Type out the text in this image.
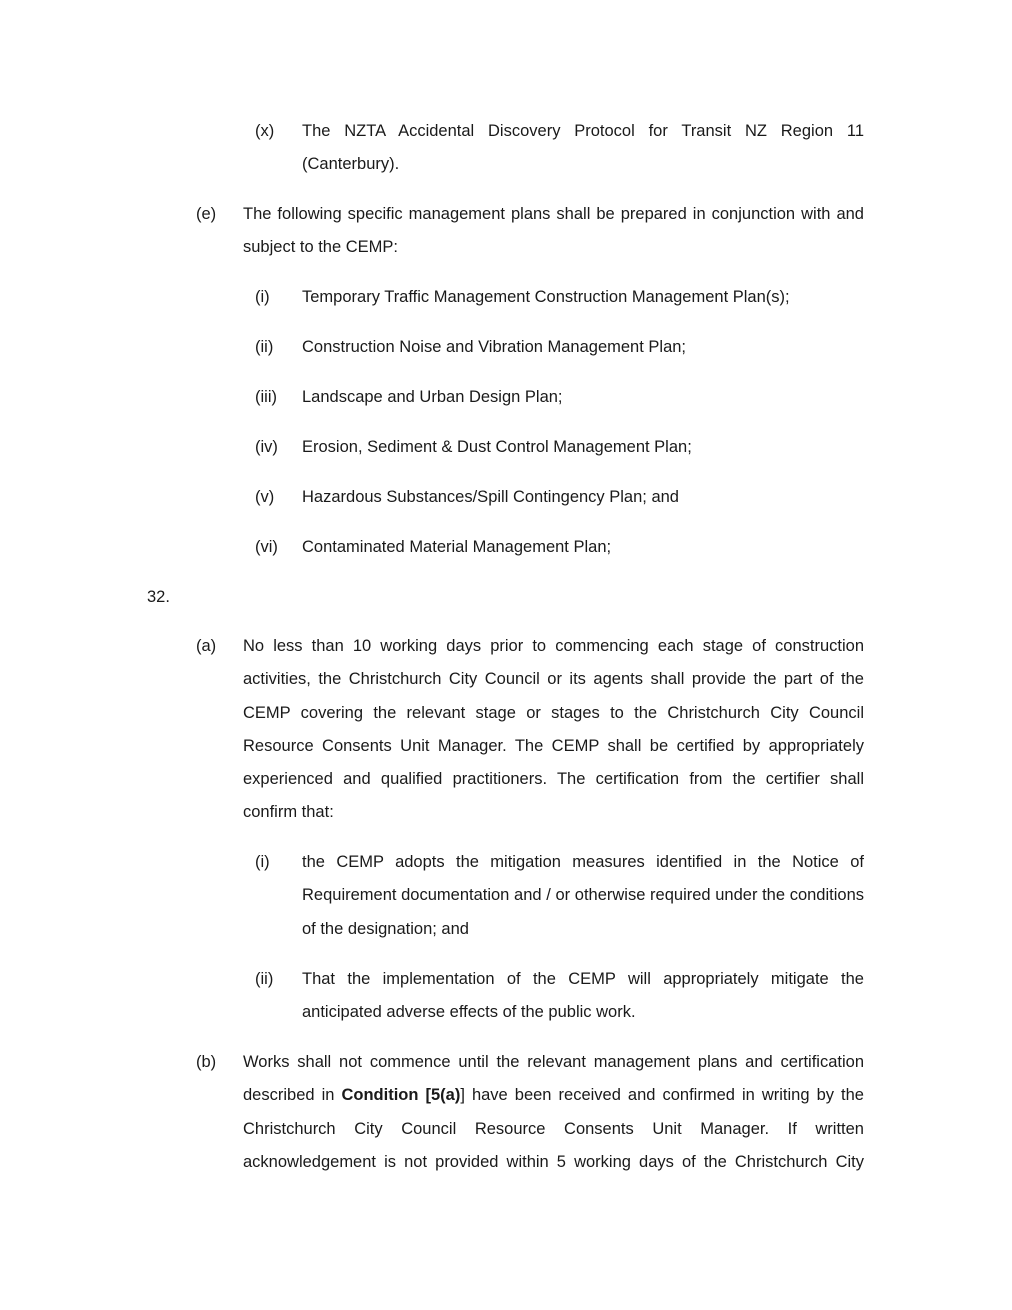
(x) The NZTA Accidental Discovery Protocol for Transit NZ Region 11 (Canterbury).
(e) The following specific management plans shall be prepared in conjunction with and subject to the CEMP:
(i) Temporary Traffic Management Construction Management Plan(s);
(ii) Construction Noise and Vibration Management Plan;
(iii) Landscape and Urban Design Plan;
(iv) Erosion, Sediment & Dust Control Management Plan;
(v) Hazardous Substances/Spill Contingency Plan; and
(vi) Contaminated Material Management Plan;
32.
(a) No less than 10 working days prior to commencing each stage of construction activities, the Christchurch City Council or its agents shall provide the part of the CEMP covering the relevant stage or stages to the Christchurch City Council Resource Consents Unit Manager. The CEMP shall be certified by appropriately experienced and qualified practitioners. The certification from the certifier shall confirm that:
(i) the CEMP adopts the mitigation measures identified in the Notice of Requirement documentation and / or otherwise required under the conditions of the designation; and
(ii) That the implementation of the CEMP will appropriately mitigate the anticipated adverse effects of the public work.
(b) Works shall not commence until the relevant management plans and certification described in Condition [5(a)] have been received and confirmed in writing by the Christchurch City Council Resource Consents Unit Manager. If written acknowledgement is not provided within 5 working days of the Christchurch City
